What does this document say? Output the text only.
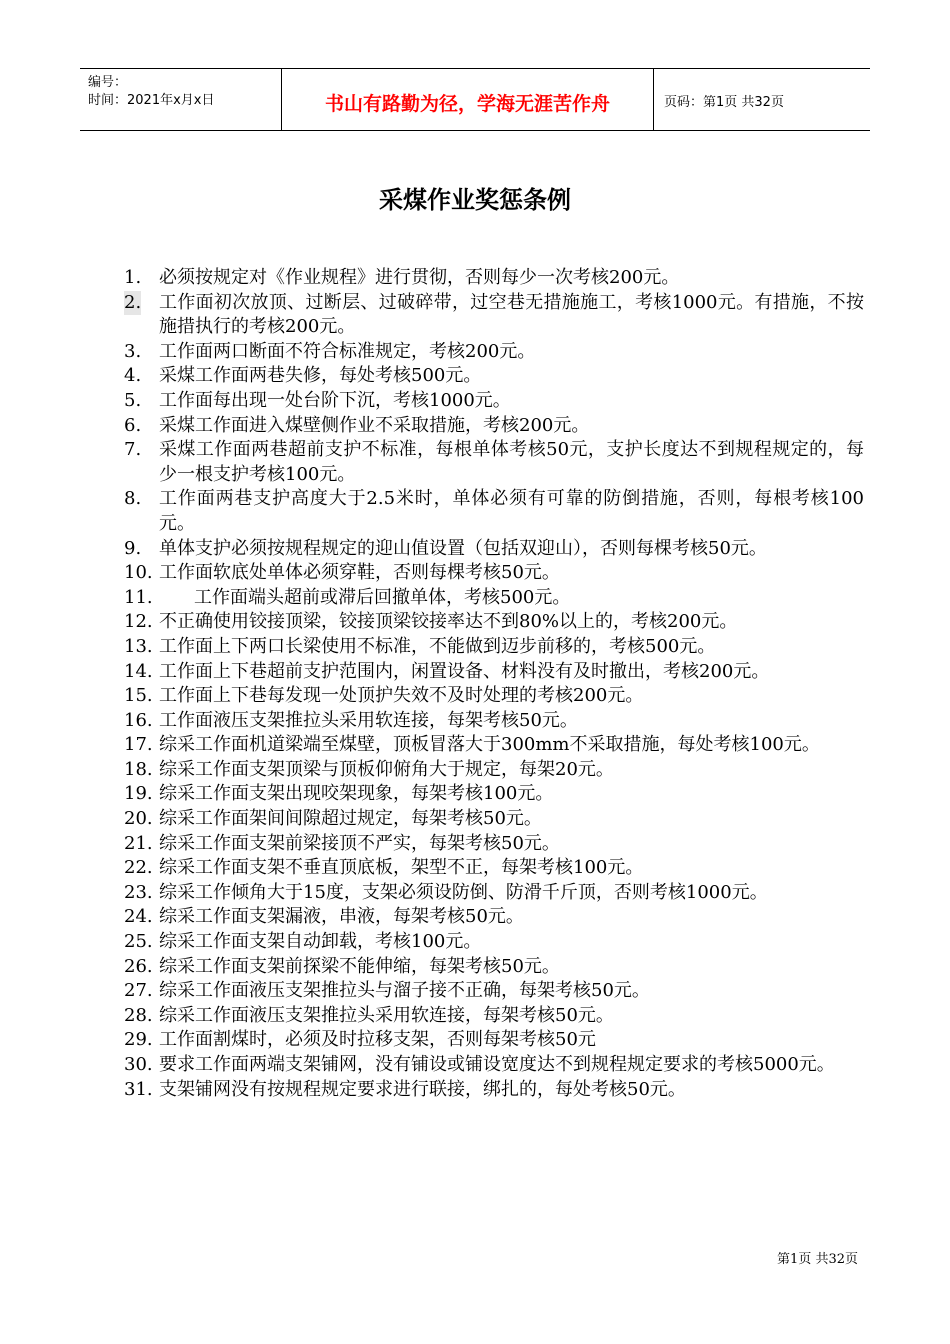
编号：
时间：2021年x月x日	书山有路勤为径，学海无涯苦作舟	页码：第1页 共32页
采煤作业奖惩条例
1. 必须按规定对《作业规程》进行贯彻，否则每少一次考核200元。
2. 工作面初次放顶、过断层、过破碎带，过空巷无措施施工，考核1000元。有措施，不按施措执行的考核200元。
3. 工作面两口断面不符合标准规定，考核200元。
4. 采煤工作面两巷失修，每处考核500元。
5. 工作面每出现一处台阶下沉，考核1000元。
6. 采煤工作面进入煤壁侧作业不采取措施，考核200元。
7. 采煤工作面两巷超前支护不标准，每根单体考核50元，支护长度达不到规程规定的，每少一根支护考核100元。
8. 工作面两巷支护高度大于2.5米时，单体必须有可靠的防倒措施，否则，每根考核100元。
9. 单体支护必须按规程规定的迎山值设置（包括双迎山），否则每棵考核50元。
10. 工作面软底处单体必须穿鞋，否则每棵考核50元。
11.	工作面端头超前或滞后回撤单体，考核500元。
12. 不正确使用铰接顶梁，铰接顶梁铰接率达不到80%以上的，考核200元。
13. 工作面上下两口长梁使用不标准，不能做到迈步前移的，考核500元。
14. 工作面上下巷超前支护范围内，闲置设备、材料没有及时撤出，考核200元。
15. 工作面上下巷每发现一处顶护失效不及时处理的考核200元。
16. 工作面液压支架推拉头采用软连接，每架考核50元。
17. 综采工作面机道梁端至煤壁，顶板冒落大于300mm不采取措施，每处考核100元。
18. 综采工作面支架顶梁与顶板仰俯角大于规定，每架20元。
19. 综采工作面支架出现咬架现象，每架考核100元。
20. 综采工作面架间间隙超过规定，每架考核50元。
21. 综采工作面支架前梁接顶不严实，每架考核50元。
22. 综采工作面支架不垂直顶底板，架型不正，每架考核100元。
23. 综采工作倾角大于15度，支架必须设防倒、防滑千斤顶，否则考核1000元。
24. 综采工作面支架漏液，串液，每架考核50元。
25. 综采工作面支架自动卸载，考核100元。
26. 综采工作面支架前探梁不能伸缩，每架考核50元。
27. 综采工作面液压支架推拉头与溜子接不正确，每架考核50元。
28. 综采工作面液压支架推拉头采用软连接，每架考核50元。
29. 工作面割煤时，必须及时拉移支架，否则每架考核50元
30. 要求工作面两端支架铺网，没有铺设或铺设宽度达不到规程规定要求的考核5000元。
31. 支架铺网没有按规程规定要求进行联接，绑扎的，每处考核50元。
第1页 共32页
